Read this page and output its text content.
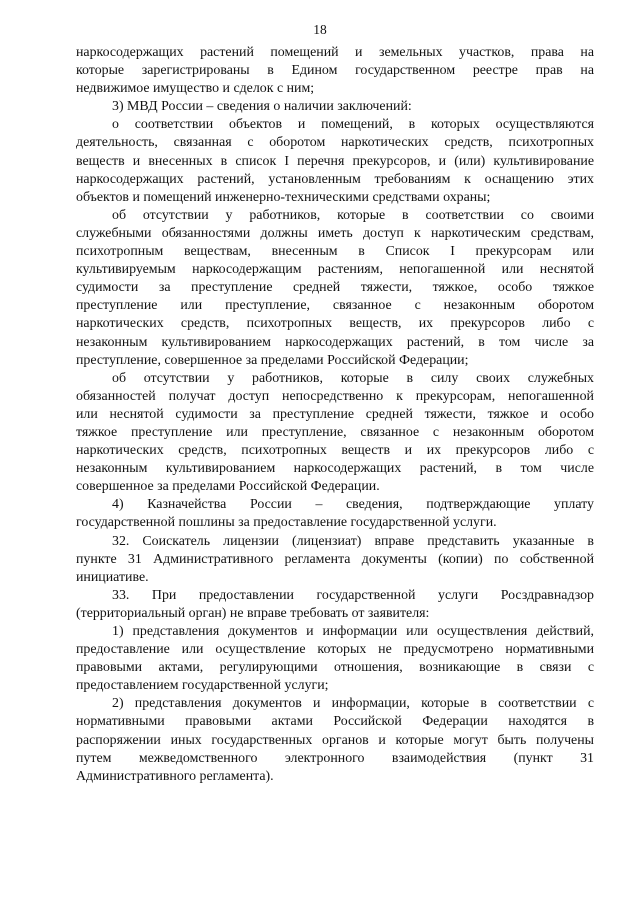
18
наркосодержащих растений помещений и земельных участков, права на
которые зарегистрированы в Едином государственном реестре прав на
недвижимое имущество и сделок с ним;
3) МВД России – сведения о наличии заключений:
о соответствии объектов и помещений, в которых осуществляются
деятельность, связанная с оборотом наркотических средств, психотропных
веществ и внесенных в список I перечня прекурсоров, и (или) культивирование
наркосодержащих растений, установленным требованиям к оснащению этих
объектов и помещений инженерно-техническими средствами охраны;
об отсутствии у работников, которые в соответствии со своими
служебными обязанностями должны иметь доступ к наркотическим средствам,
психотропным веществам, внесенным в Список I прекурсорам или
культивируемым наркосодержащим растениям, непогашенной или неснятой
судимости за преступление средней тяжести, тяжкое, особо тяжкое
преступление или преступление, связанное с незаконным оборотом
наркотических средств, психотропных веществ, их прекурсоров либо с
незаконным культивированием наркосодержащих растений, в том числе за
преступление, совершенное за пределами Российской Федерации;
об отсутствии у работников, которые в силу своих служебных
обязанностей получат доступ непосредственно к прекурсорам, непогашенной
или неснятой судимости за преступление средней тяжести, тяжкое и особо
тяжкое преступление или преступление, связанное с незаконным оборотом
наркотических средств, психотропных веществ и их прекурсоров либо с
незаконным культивированием наркосодержащих растений, в том числе
совершенное за пределами Российской Федерации.
4) Казначейства России – сведения, подтверждающие уплату
государственной пошлины за предоставление государственной услуги.
32. Соискатель лицензии (лицензиат) вправе представить указанные в
пункте 31 Административного регламента документы (копии) по собственной
инициативе.
33. При предоставлении государственной услуги Росздравнадзор
(территориальный орган) не вправе требовать от заявителя:
1) представления документов и информации или осуществления действий,
предоставление или осуществление которых не предусмотрено нормативными
правовыми актами, регулирующими отношения, возникающие в связи с
предоставлением государственной услуги;
2) представления документов и информации, которые в соответствии с
нормативными правовыми актами Российской Федерации находятся в
распоряжении иных государственных органов и которые могут быть получены
путем межведомственного электронного взаимодействия (пункт 31
Административного регламента).
